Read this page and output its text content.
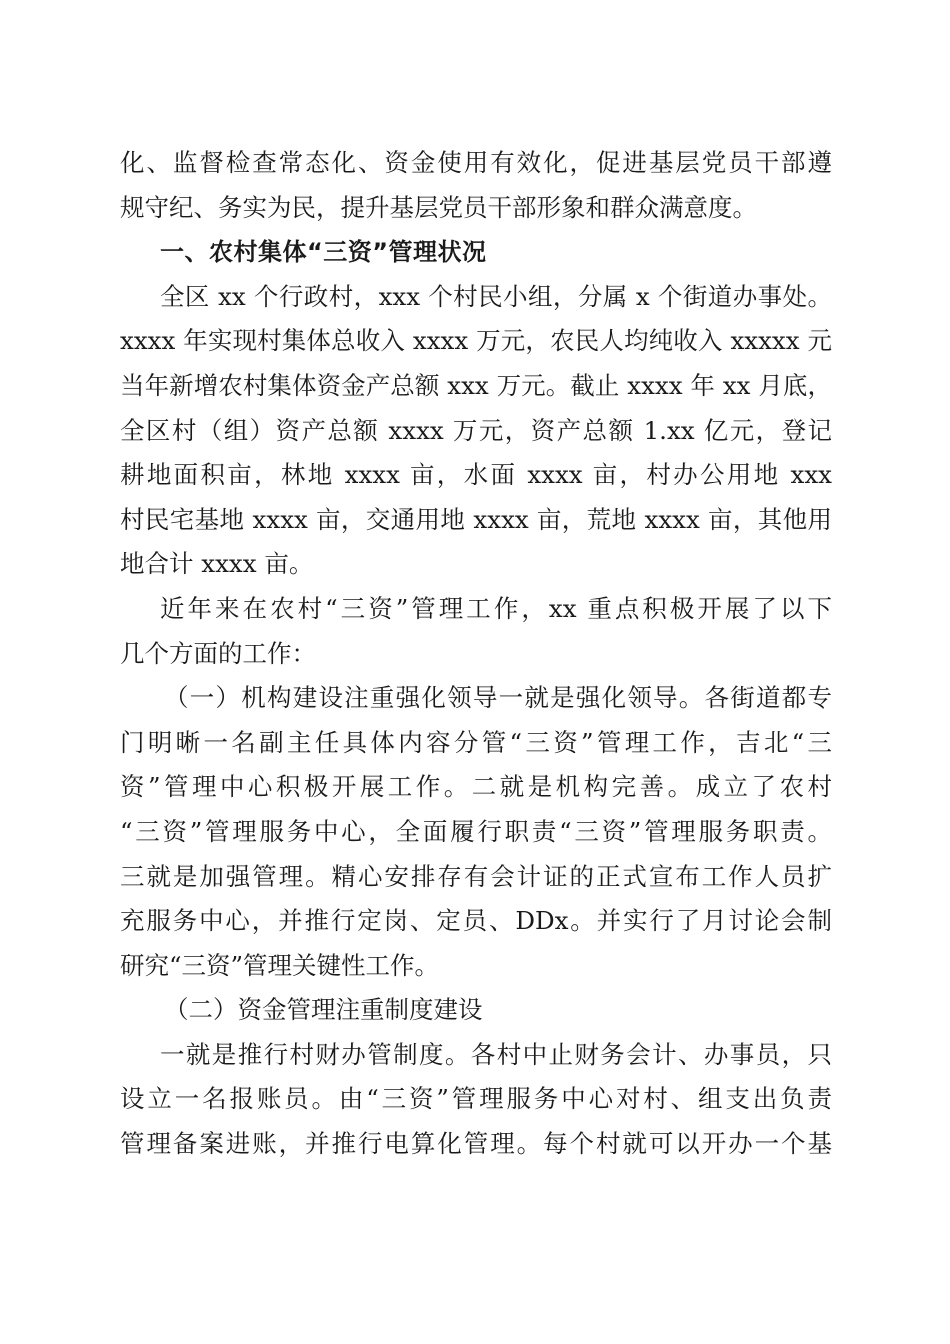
化、监督检查常态化、资金使用有效化，促进基层党员干部遵
规守纪、务实为民，提升基层党员干部形象和群众满意度。
一、农村集体“三资”管理状况
全区 xx 个行政村，xxx 个村民小组，分属 x 个街道办事处。
xxxx 年实现村集体总收入 xxxx 万元，农民人均纯收入 xxxxx 元
当年新增农村集体资金产总额 xxx 万元。截止 xxxx 年 xx 月底，
全区村（组）资产总额 xxxx 万元，资产总额 1.xx 亿元，登记
耕地面积亩，林地 xxxx 亩，水面 xxxx 亩，村办公用地 xxx
村民宅基地 xxxx 亩，交通用地 xxxx 亩，荒地 xxxx 亩，其他用
地合计 xxxx 亩。
近年来在农村“三资”管理工作，xx 重点积极开展了以下
几个方面的工作：
（一）机构建设注重强化领导一就是强化领导。各街道都专
门明晰一名副主任具体内容分管“三资”管理工作，吉北“三
资”管理中心积极开展工作。二就是机构完善。成立了农村
“三资”管理服务中心，全面履行职责“三资”管理服务职责。
三就是加强管理。精心安排存有会计证的正式宣布工作人员扩
充服务中心，并推行定岗、定员、DDx。并实行了月讨论会制
研究“三资”管理关键性工作。
（二）资金管理注重制度建设
一就是推行村财办管制度。各村中止财务会计、办事员，只
设立一名报账员。由“三资”管理服务中心对村、组支出负责
管理备案进账，并推行电算化管理。每个村就可以开办一个基
